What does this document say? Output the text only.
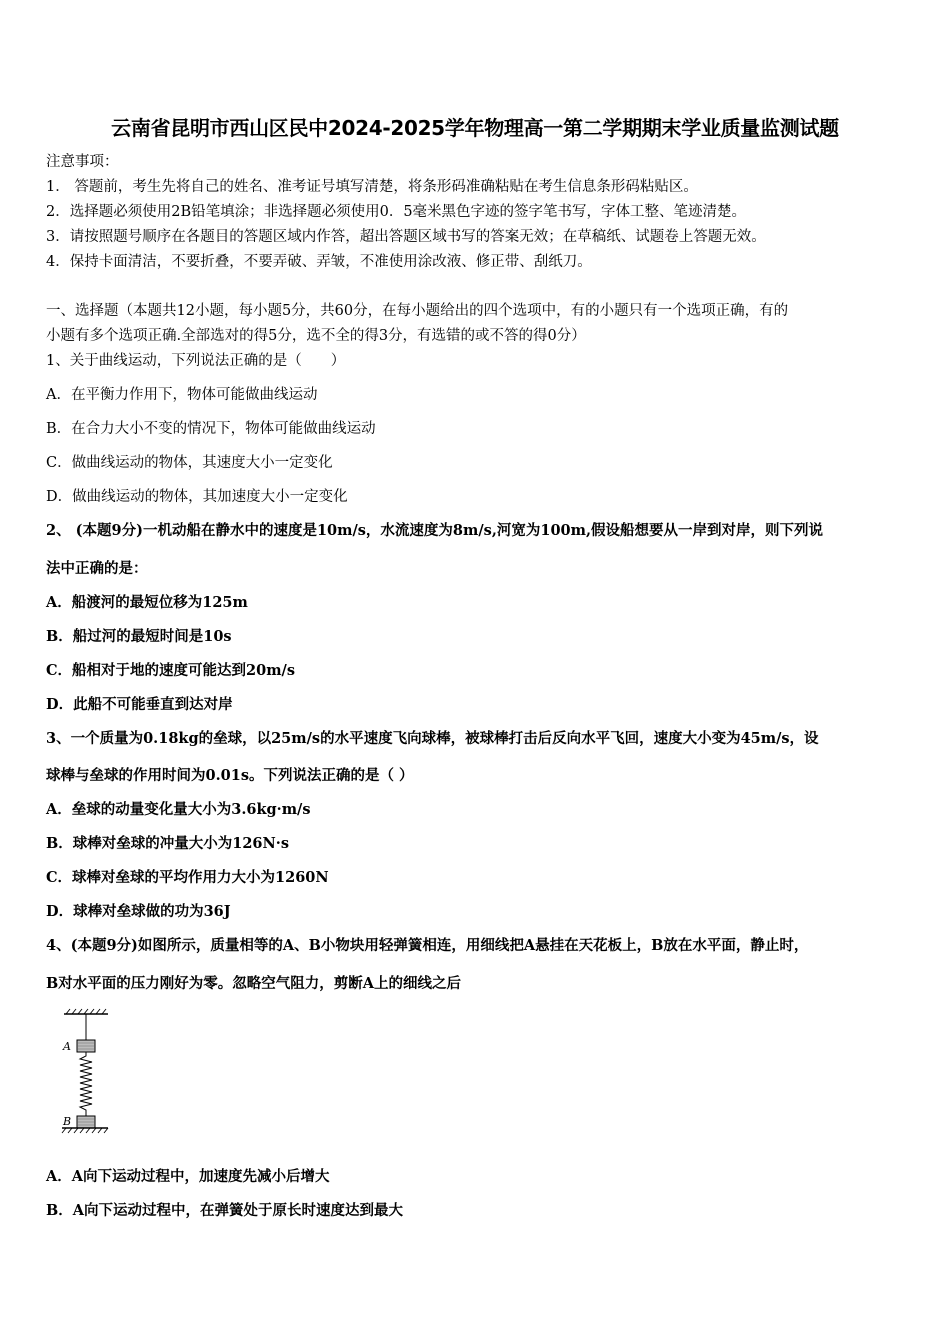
云南省昆明市西山区民中2024-2025学年物理高一第二学期期末学业质量监测试题
注意事项：
1． 答题前，考生先将自己的姓名、准考证号填写清楚，将条形码准确粘贴在考生信息条形码粘贴区。
2．选择题必须使用2B铅笔填涂；非选择题必须使用0．5毫米黑色字迹的签字笔书写，字体工整、笔迹清楚。
3．请按照题号顺序在各题目的答题区域内作答，超出答题区域书写的答案无效；在草稿纸、试题卷上答题无效。
4．保持卡面清洁，不要折叠，不要弄破、弄皱，不准使用涂改液、修正带、刮纸刀。
一、选择题（本题共12小题，每小题5分，共60分，在每小题给出的四个选项中，有的小题只有一个选项正确，有的
小题有多个选项正确.全部选对的得5分，选不全的得3分，有选错的或不答的得0分）
1、关于曲线运动，下列说法正确的是（　　）
A．在平衡力作用下，物体可能做曲线运动
B．在合力大小不变的情况下，物体可能做曲线运动
C．做曲线运动的物体，其速度大小一定变化
D．做曲线运动的物体，其加速度大小一定变化
2、 (本题9分)一机动船在静水中的速度是10m/s，水流速度为8m/s,河宽为100m,假设船想要从一岸到对岸，则下列说
法中正确的是：
A．船渡河的最短位移为125m
B．船过河的最短时间是10s
C．船相对于地的速度可能达到20m/s
D．此船不可能垂直到达对岸
3、一个质量为0.18kg的垒球，以25m/s的水平速度飞向球棒，被球棒打击后反向水平飞回，速度大小变为45m/s，设
球棒与垒球的作用时间为0.01s。下列说法正确的是（ ）
A．垒球的动量变化量大小为3.6kg·m/s
B．球棒对垒球的冲量大小为126N·s
C．球棒对垒球的平均作用力大小为1260N
D．球棒对垒球做的功为36J
4、(本题9分)如图所示，质量相等的A、B小物块用轻弹簧相连，用细线把A悬挂在天花板上，B放在水平面，静止时，
B对水平面的压力刚好为零。忽略空气阻力，剪断A上的细线之后
A
B
A．A向下运动过程中，加速度先减小后增大
B．A向下运动过程中，在弹簧处于原长时速度达到最大
